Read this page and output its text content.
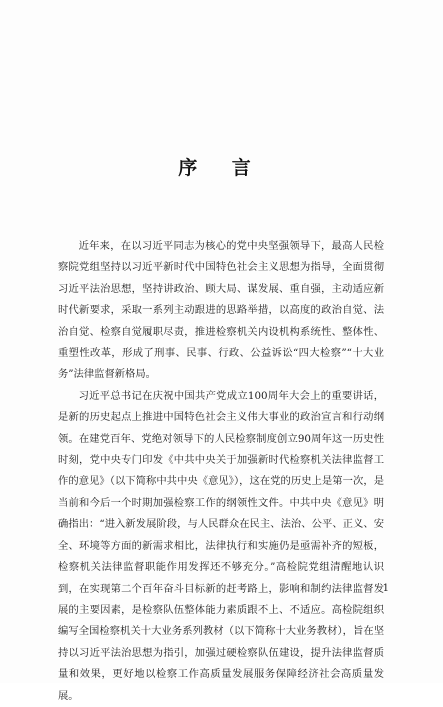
序 言

近年来，在以习近平同志为核心的党中央坚强领导下，最高人民检察院党组坚持以习近平新时代中国特色社会主义思想为指导，全面贯彻习近平法治思想，坚持讲政治、顾大局、谋发展、重自强，主动适应新时代新要求，采取一系列主动跟进的思路举措，以高度的政治自觉、法治自觉、检察自觉履职尽责，推进检察机关内设机构系统性、整体性、重塑性改革，形成了刑事、民事、行政、公益诉讼“四大检察”“十大业务”法律监督新格局。

习近平总书记在庆祝中国共产党成立100周年大会上的重要讲话，是新的历史起点上推进中国特色社会主义伟大事业的政治宣言和行动纲领。在建党百年、党绝对领导下的人民检察制度创立90周年这一历史性时刻，党中央专门印发《中共中央关于加强新时代检察机关法律监督工作的意见》（以下简称中共中央《意见》），这在党的历史上是第一次，是当前和今后一个时期加强检察工作的纲领性文件。中共中央《意见》明确指出：“进入新发展阶段，与人民群众在民主、法治、公平、正义、安全、环境等方面的新需求相比，法律执行和实施仍是亟需补齐的短板，检察机关法律监督职能作用发挥还不够充分。”高检院党组清醒地认识到，在实现第二个百年奋斗目标新的赶考路上，影响和制约法律监督发展的主要因素，是检察队伍整体能力素质跟不上、不适应。高检院组织编写全国检察机关十大业务系列教材（以下简称十大业务教材），旨在坚持以习近平法治思想为指引，加强过硬检察队伍建设，提升法律监督质量和效果，更好地以检察工作高质量发展服务保障经济社会高质量发展。

1
